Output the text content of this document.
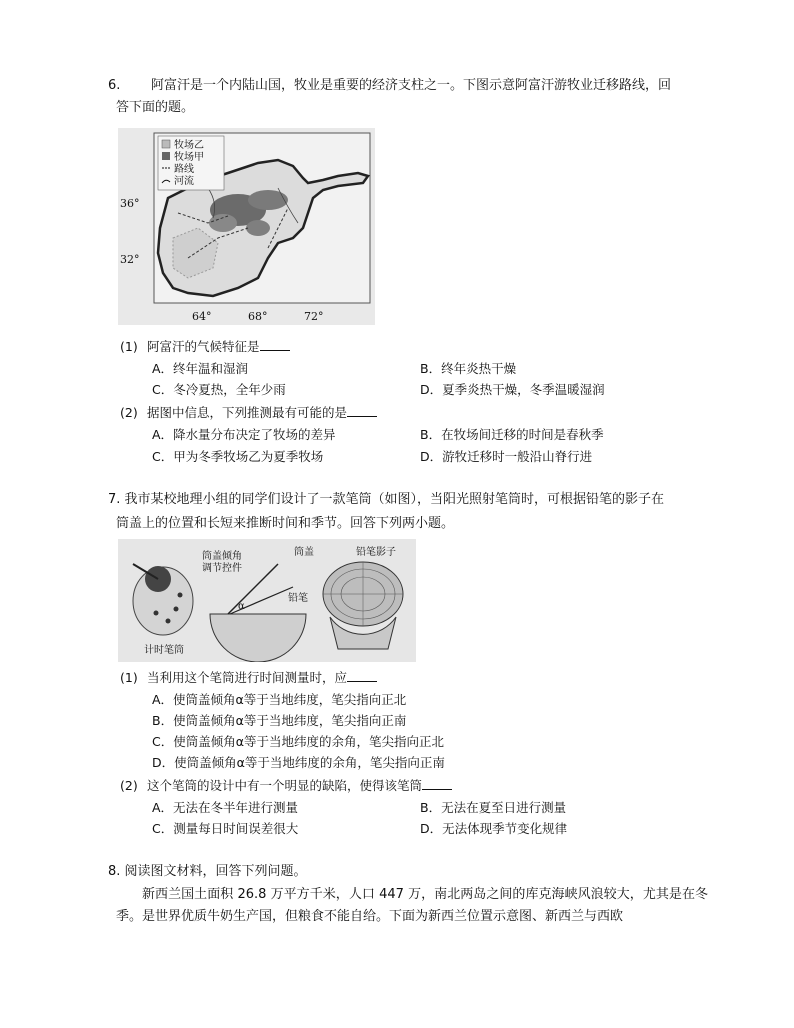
6. 阿富汗是一个内陆山国，牧业是重要的经济支柱之一。下图示意阿富汗游牧业迁移路线，回
答下面的题。
牧场乙
牧场甲
路线
河流
36°
32°
64°	68°	72°
(1) 阿富汗的气候特征是
A．终年温和湿润	B．终年炎热干燥
C．冬冷夏热，全年少雨	D．夏季炎热干燥，冬季温暖湿润
(2) 据图中信息，下列推测最有可能的是
A．降水量分布决定了牧场的差异	B．在牧场间迁移的时间是春秋季
C．甲为冬季牧场乙为夏季牧场	D．游牧迁移时一般沿山脊行进
7. 我市某校地理小组的同学们设计了一款笔筒（如图），当阳光照射笔筒时，可根据铅笔的影子在
筒盖上的位置和长短来推断时间和季节。回答下列两小题。
计时笔筒
筒盖倾角
调节控件
筒盖
铅笔
α
铅笔影子
(1) 当利用这个笔筒进行时间测量时，应
A．使筒盖倾角α等于当地纬度，笔尖指向正北
B．使筒盖倾角α等于当地纬度，笔尖指向正南
C．使筒盖倾角α等于当地纬度的余角，笔尖指向正北
D．使筒盖倾角α等于当地纬度的余角，笔尖指向正南
(2) 这个笔筒的设计中有一个明显的缺陷，使得该笔筒
A．无法在冬半年进行测量	B．无法在夏至日进行测量
C．测量每日时间误差很大	D．无法体现季节变化规律
8. 阅读图文材料，回答下列问题。
新西兰国土面积 26.8 万平方千米，人口 447 万，南北两岛之间的库克海峡风浪较大，尤其是在冬季。是世界优质牛奶生产国，但粮食不能自给。下面为新西兰位置示意图、新西兰与西欧
